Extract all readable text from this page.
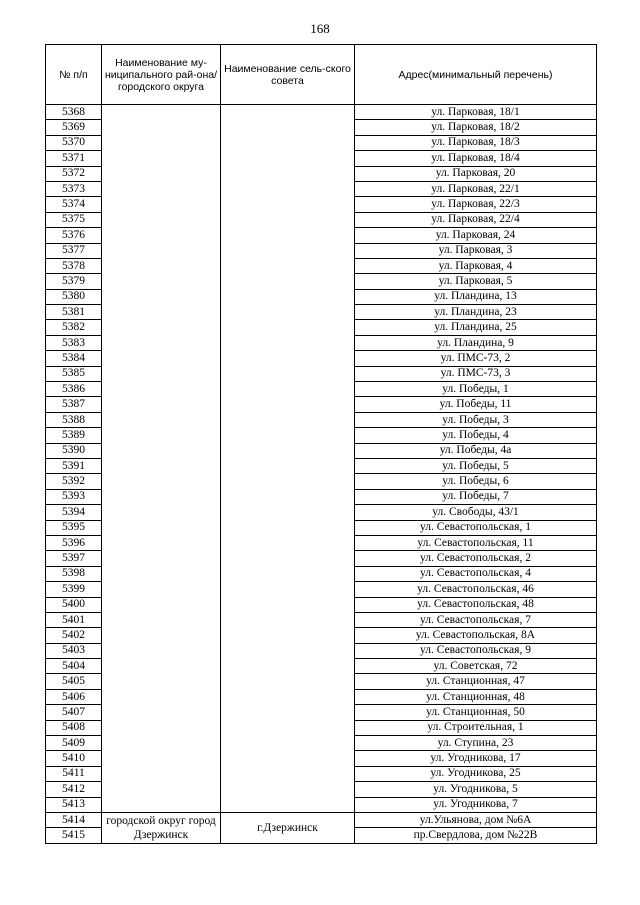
168
№ п/п	Наименование му-ниципального рай-она/ городского округа	Наименование сель-ского совета	Адрес(минимальный перечень)
5368			ул. Парковая, 18/1
5369			ул. Парковая, 18/2
5370			ул. Парковая, 18/3
5371			ул. Парковая, 18/4
5372			ул. Парковая, 20
5373			ул. Парковая, 22/1
5374			ул. Парковая, 22/3
5375			ул. Парковая, 22/4
5376			ул. Парковая, 24
5377			ул. Парковая, 3
5378			ул. Парковая, 4
5379			ул. Парковая, 5
5380			ул. Пландина, 13
5381			ул. Пландина, 23
5382			ул. Пландина, 25
5383			ул. Пландина, 9
5384			ул. ПМС-73, 2
5385			ул. ПМС-73, 3
5386			ул. Победы, 1
5387			ул. Победы, 11
5388			ул. Победы, 3
5389			ул. Победы, 4
5390			ул. Победы, 4а
5391			ул. Победы, 5
5392			ул. Победы, 6
5393			ул. Победы, 7
5394			ул. Свободы, 43/1
5395			ул. Севастопольская, 1
5396			ул. Севастопольская, 11
5397			ул. Севастопольская, 2
5398			ул. Севастопольская, 4
5399			ул. Севастопольская, 46
5400			ул. Севастопольская, 48
5401			ул. Севастопольская, 7
5402			ул. Севастопольская, 8А
5403			ул. Севастопольская, 9
5404			ул. Советская, 72
5405			ул. Станционная, 47
5406			ул. Станционная, 48
5407			ул. Станционная, 50
5408			ул. Строительная, 1
5409			ул. Ступина, 23
5410			ул. Угодникова, 17
5411			ул. Угодникова, 25
5412			ул. Угодникова, 5
5413			ул. Угодникова, 7
5414	городской округ город Дзержинск	г.Дзержинск	ул.Ульянова, дом №6А
5415			пр.Свердлова, дом №22В
